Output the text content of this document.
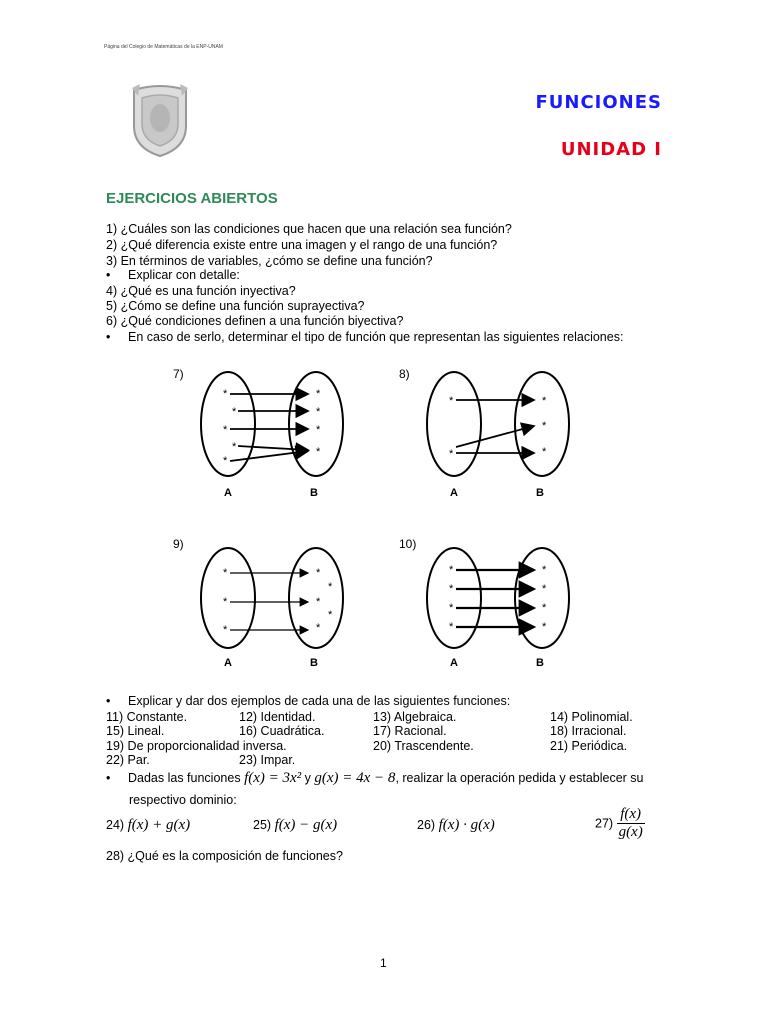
Página del Colegio de Matemáticas de la ENP-UNAM
FUNCIONES
UNIDAD I
EJERCICIOS ABIERTOS
1) ¿Cuáles son las condiciones que hacen que una relación sea función?
2) ¿Qué diferencia existe entre una imagen y el rango de una función?
3) En términos de variables, ¿cómo se define una función?
• Explicar con detalle:
4) ¿Qué es una función inyectiva?
5) ¿Cómo se define una función suprayectiva?
6) ¿Qué condiciones definen a una función biyectiva?
• En caso de serlo, determinar el tipo de función que representan las siguientes relaciones:
7)	8)
9)	10)
*
*
*
*
*
*
*
*
*
A	B
*
*
*
*
*
A	B
*
*
*
*
*
*
*
*
A	B
*
*
*
*
*
*
*
*
A	B
• Explicar y dar dos ejemplos de cada una de las siguientes funciones:
11) Constante.	12) Identidad.	13) Algebraica.	14) Polinomial.
15) Lineal.	16) Cuadrática.	17) Racional.	18) Irracional.
19) De proporcionalidad inversa.	20) Trascendente.	21) Periódica.
22) Par.	23) Impar.
• Dadas las funciones f(x) = 3x² y g(x) = 4x − 8, realizar la operación pedida y establecer su
respectivo dominio:
24) f(x) + g(x)	25) f(x) − g(x)	26) f(x) · g(x)	$27) \frac{f(x)}{g(x)}$
28) ¿Qué es la composición de funciones?
1
